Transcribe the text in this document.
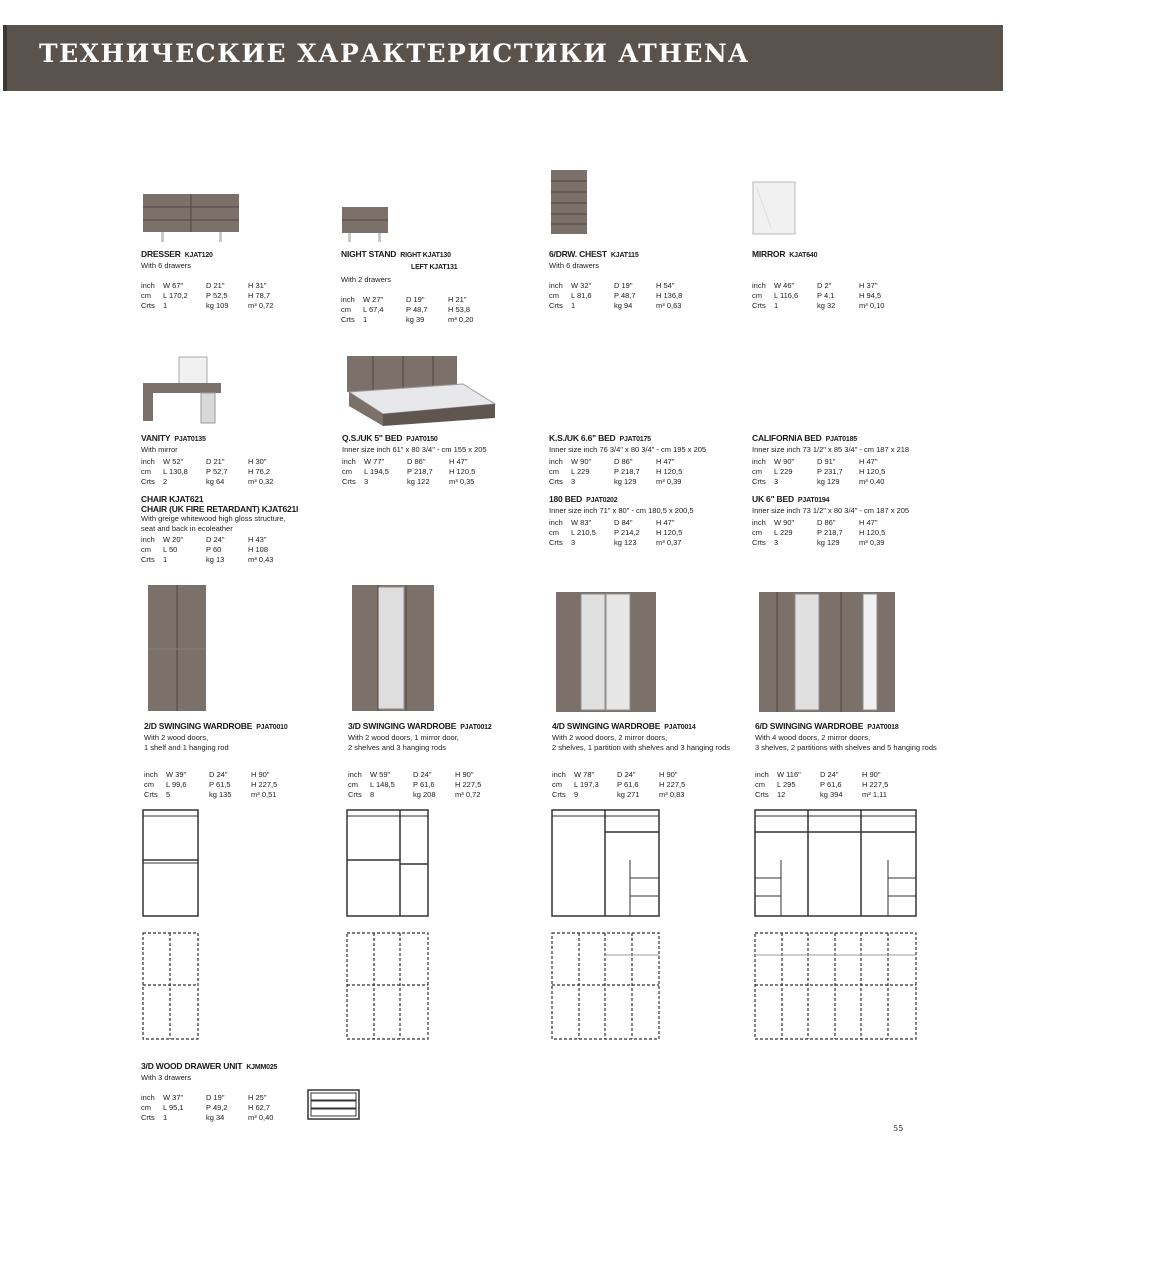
ТЕХНИЧЕСКИЕ ХАРАКТЕРИСТИКИ ATHENA
DRESSER KJAT120
With 6 drawers
inch	W 67"	D 21"	H 31"
cm	L 170,2	P 52,5	H 78,7
Crts	1	kg 109	m³ 0,72
NIGHT STAND RIGHT KJAT130
LEFT KJAT131
With 2 drawers
inch	W 27"	D 19"	H 21"
cm	L 67,4	P 48,7	H 53,8
Crts	1	kg 39	m³ 0,20
6/DRW. CHEST KJAT115
With 6 drawers
inch	W 32"	D 19"	H 54"
cm	L 81,6	P 48,7	H 136,8
Crts	1	kg 94	m³ 0,63
MIRROR KJAT640
inch	W 46"	D 2"	H 37"
cm	L 116,6	P 4,1	H 94,5
Crts	1	kg 32	m³ 0,10
VANITY PJAT0135
With mirror
inch	W 52"	D 21"	H 30"
cm	L 130,8	P 52,7	H 76,2
Crts	2	kg 64	m³ 0,32
CHAIR KJAT621
CHAIR (UK FIRE RETARDANT) KJAT621I
With greige whitewood high gloss structure,
seat and back in ecoleather
inch	W 20"	D 24"	H 43"
cm	L 50	P 60	H 108
Crts	1	kg 13	m³ 0,43
Q.S./UK 5" BED PJAT0150
Inner size inch 61" x 80 3/4" - cm 155 x 205
inch	W 77"	D 86"	H 47"
cm	L 194,5	P 218,7	H 120,5
Crts	3	kg 122	m³ 0,35
K.S./UK 6.6" BED PJAT0175
Inner size inch 76 3/4" x 80 3/4" - cm 195 x 205
inch	W 90"	D 86"	H 47"
cm	L 229	P 218,7	H 120,5
Crts	3	kg 129	m³ 0,39
180 BED PJAT0202
Inner size inch 71" x 80" - cm 180,5 x 200,5
inch	W 83"	D 84"	H 47"
cm	L 210,5	P 214,2	H 120,5
Crts	3	kg 123	m³ 0,37
CALIFORNIA BED PJAT0185
Inner size inch 73 1/2" x 85 3/4" - cm 187 x 218
inch	W 90"	D 91"	H 47"
cm	L 229	P 231,7	H 120,5
Crts	3	kg 129	m³ 0,40
UK 6" BED PJAT0194
Inner size inch 73 1/2" x 80 3/4" - cm 187 x 205
inch	W 90"	D 86"	H 47"
cm	L 229	P 218,7	H 120,5
Crts	3	kg 129	m³ 0,39
2/D SWINGING WARDROBE PJAT0010
With 2 wood doors,
1 shelf and 1 hanging rod
inch	W 39"	D 24"	H 90"
cm	L 99,6	P 61,5	H 227,5
Crts	5	kg 135	m³ 0,51
3/D SWINGING WARDROBE PJAT0012
With 2 wood doors, 1 mirror door,
2 shelves and 3 hanging rods
inch	W 59"	D 24"	H 90"
cm	L 148,5	P 61,6	H 227,5
Crts	8	kg 208	m³ 0,72
4/D SWINGING WARDROBE PJAT0014
With 2 wood doors, 2 mirror doors,
2 shelves, 1 partition with shelves and 3 hanging rods
inch	W 78"	D 24"	H 90"
cm	L 197,3	P 61,6	H 227,5
Crts	9	kg 271	m³ 0,83
6/D SWINGING WARDROBE PJAT0018
With 4 wood doors, 2 mirror doors,
3 shelves, 2 partitions with shelves and 5 hanging rods
inch	W 116"	D 24"	H 90"
cm	L 295	P 61,6	H 227,5
Crts	12	kg 394	m³ 1,11
3/D WOOD DRAWER UNIT KJMM025
With 3 drawers
inch	W 37"	D 19"	H 25"
cm	L 95,1	P 49,2	H 62,7
Crts	1	kg 34	m³ 0,40
55
